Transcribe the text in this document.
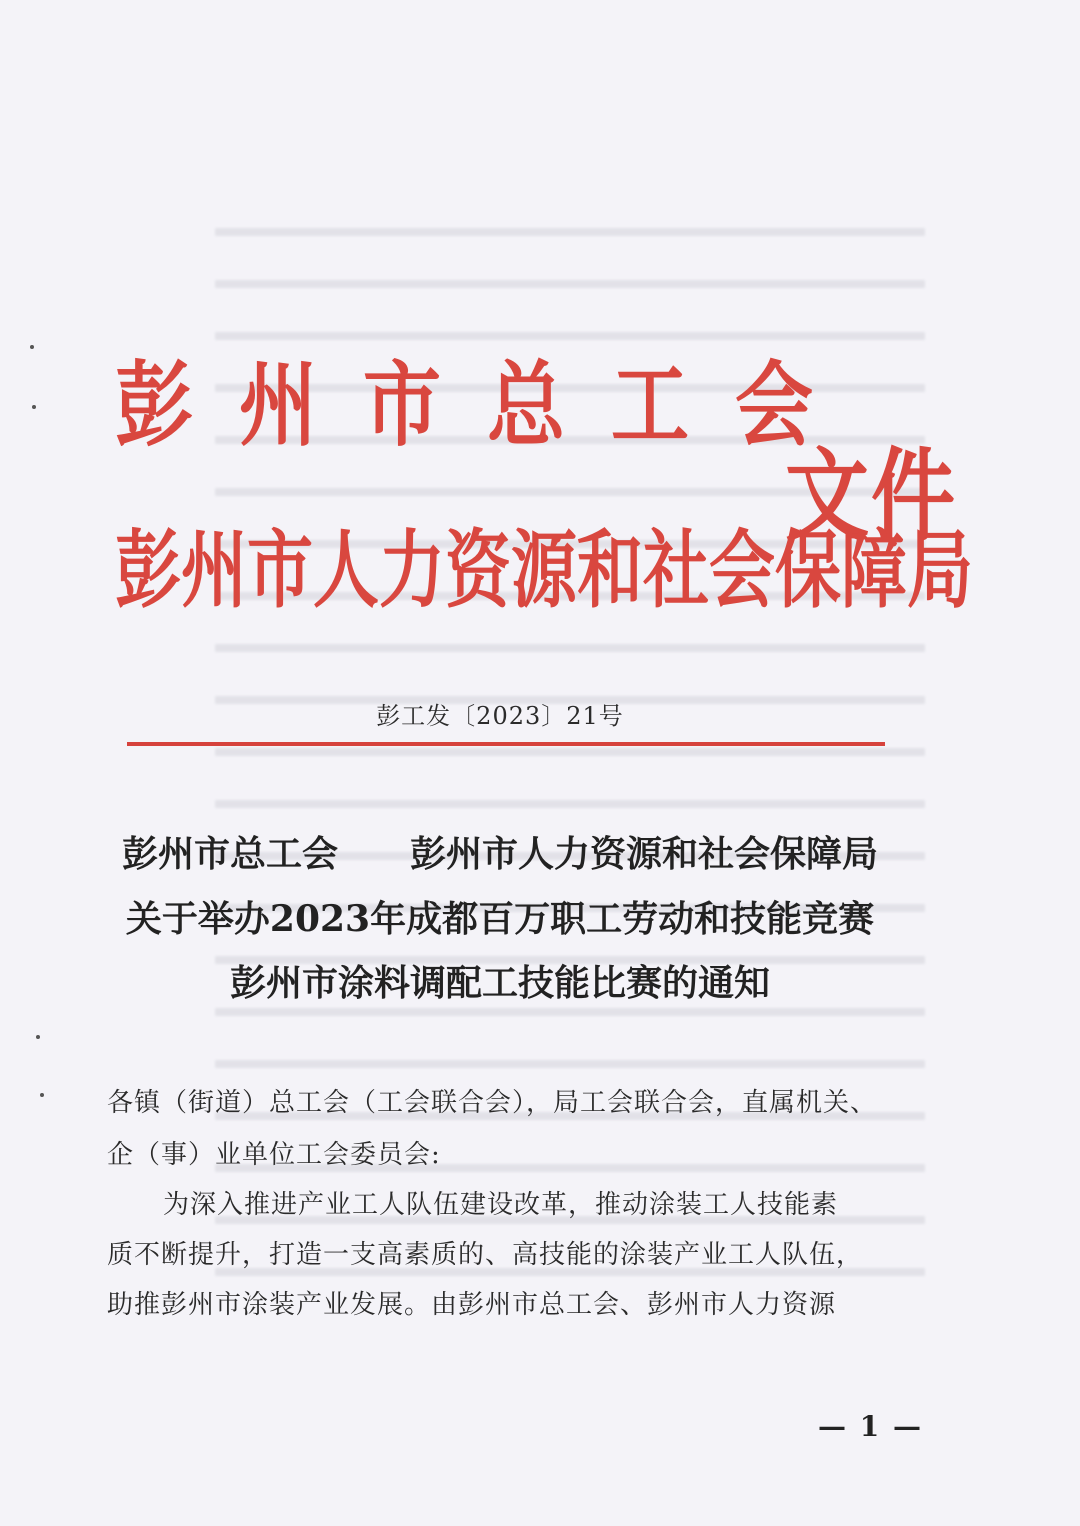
彭州市总工会
文件
彭州市人力资源和社会保障局
彭工发〔2023〕21号
彭州市总工会　　彭州市人力资源和社会保障局
关于举办2023年成都百万职工劳动和技能竞赛
彭州市涂料调配工技能比赛的通知
各镇（街道）总工会（工会联合会），局工会联合会，直属机关、
企（事）业单位工会委员会:
为深入推进产业工人队伍建设改革，推动涂装工人技能素
质不断提升，打造一支高素质的、高技能的涂装产业工人队伍，
助推彭州市涂装产业发展。由彭州市总工会、彭州市人力资源
— 1 —
